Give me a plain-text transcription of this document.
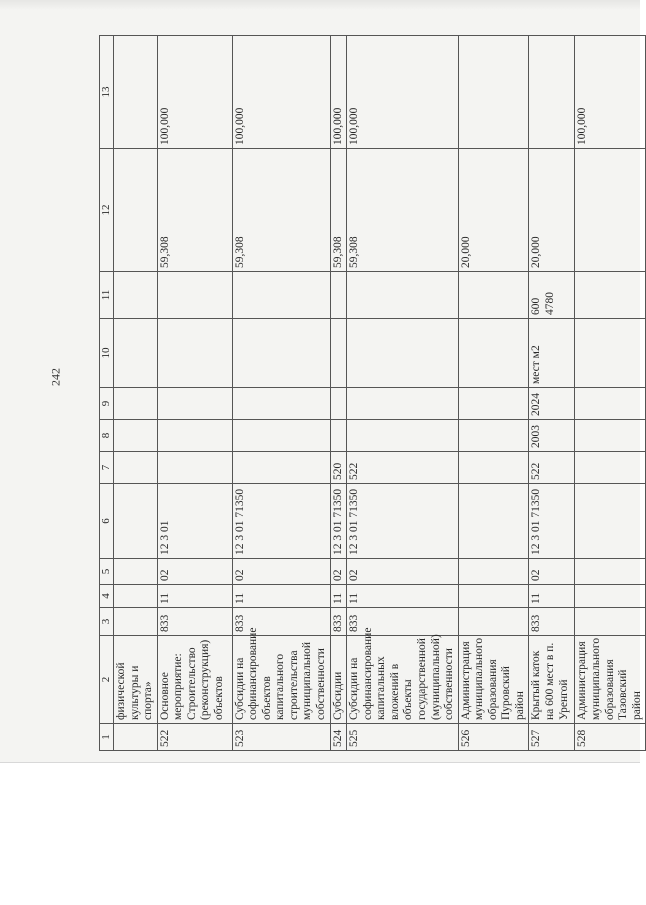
242
1	2	3	4	5	6	7	8	9	10	11	12	13
	физической культуры и спорта»											
522	Основное мероприятие: Строительство (реконструкция) объектов	833	11	02	12 3 01						59,308	100,000
523	Субсидии на софинансирование объектов капитального строительства муниципальной собственности	833	11	02	12 3 01 71350						59,308	100,000
524	Субсидии	833	11	02	12 3 01 71350	520					59,308	100,000
525	Субсидии на софинансирование капитальных вложений в объекты государственной (муниципальной) собственности	833	11	02	12 3 01 71350	522					59,308	100,000
526	Администрация муниципального образования Пуровский район										20,000	
527	Крытый каток на 600 мест в п. Уренгой	833	11	02	12 3 01 71350	522	2003	2024	мест м2	600 4780	20,000	
528	Администрация муниципального образования Тазовский район											100,000
